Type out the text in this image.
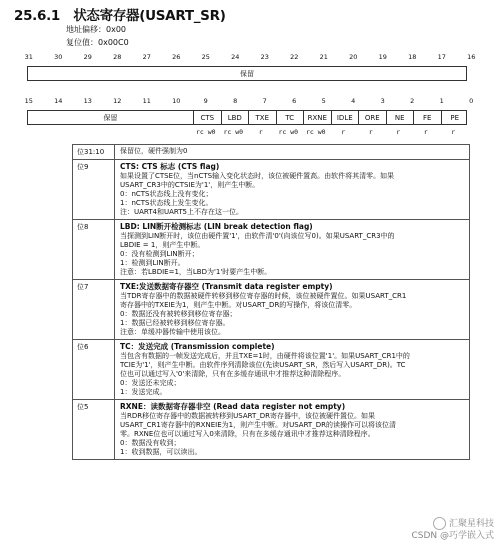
25.6.1　状态寄存器(USART_SR)
地址偏移：0x00
复位值：0x00C0
31	30	29	28	27	26	25	24	23	22	21	20	19	18	17	16
保留
15	14	13	12	11	10	9	8	7	6	5	4	3	2	1	0
保留	CTS	LBD	TXE	TC	RXNE	IDLE	ORE	NE	FE	PE
rc w0	rc w0	r	rc w0	rc w0	r	r	r	r	r
位31:10	保留位，硬件强制为0

位9	CTS: CTS 标志 (CTS flag)

如果设置了CTSE位，当nCTS输入变化状态时，该位被硬件置高。由软件将其清零。如果

USART_CR3中的CTSIE为'1'，则产生中断。

0：nCTS状态线上没有变化；

1：nCTS状态线上发生变化。

注：UART4和UART5上不存在这一位。

位8	LBD: LIN断开检测标志 (LIN break detection flag)

当探测到LIN断开时，该位由硬件置'1'，由软件清'0'(向该位写0)。如果USART_CR3中的

LBDIE = 1，则产生中断。

0：没有检测到LIN断开；

1：检测到LIN断开。

注意：若LBDIE=1，当LBD为'1'时要产生中断。

位7	TXE:发送数据寄存器空 (Transmit data register empty)

当TDR寄存器中的数据被硬件转移到移位寄存器的时候，该位被硬件置位。如果USART_CR1

寄存器中的TXEIE为1，则产生中断。对USART_DR的写操作，将该位清零。

0：数据还没有被转移到移位寄存器；

1：数据已经被转移到移位寄存器。

注意：单缓冲器传输中使用该位。

位6	TC：发送完成 (Transmission complete)

当包含有数据的一帧发送完成后，并且TXE=1时，由硬件将该位置'1'。如果USART_CR1中的

TCIE为'1'，则产生中断。由软件序列清除该位(先读USART_SR，然后写入USART_DR)。TC

位也可以通过写入'0'来清除，只有在多缓存通讯中才推荐这种清除程序。

0：发送还未完成；

1：发送完成。

位5	RXNE：读数据寄存器非空 (Read data register not empty)

当RDR移位寄存器中的数据被转移到USART_DR寄存器中，该位被硬件置位。如果

USART_CR1寄存器中的RXNEIE为1，则产生中断。对USART_DR的读操作可以将该位清

零。RXNE位也可以通过写入0来清除，只有在多缓存通讯中才推荐这种清除程序。

0：数据没有收到；

1：收到数据，可以读出。

汇聚星科技
CSDN @巧学嵌入式
